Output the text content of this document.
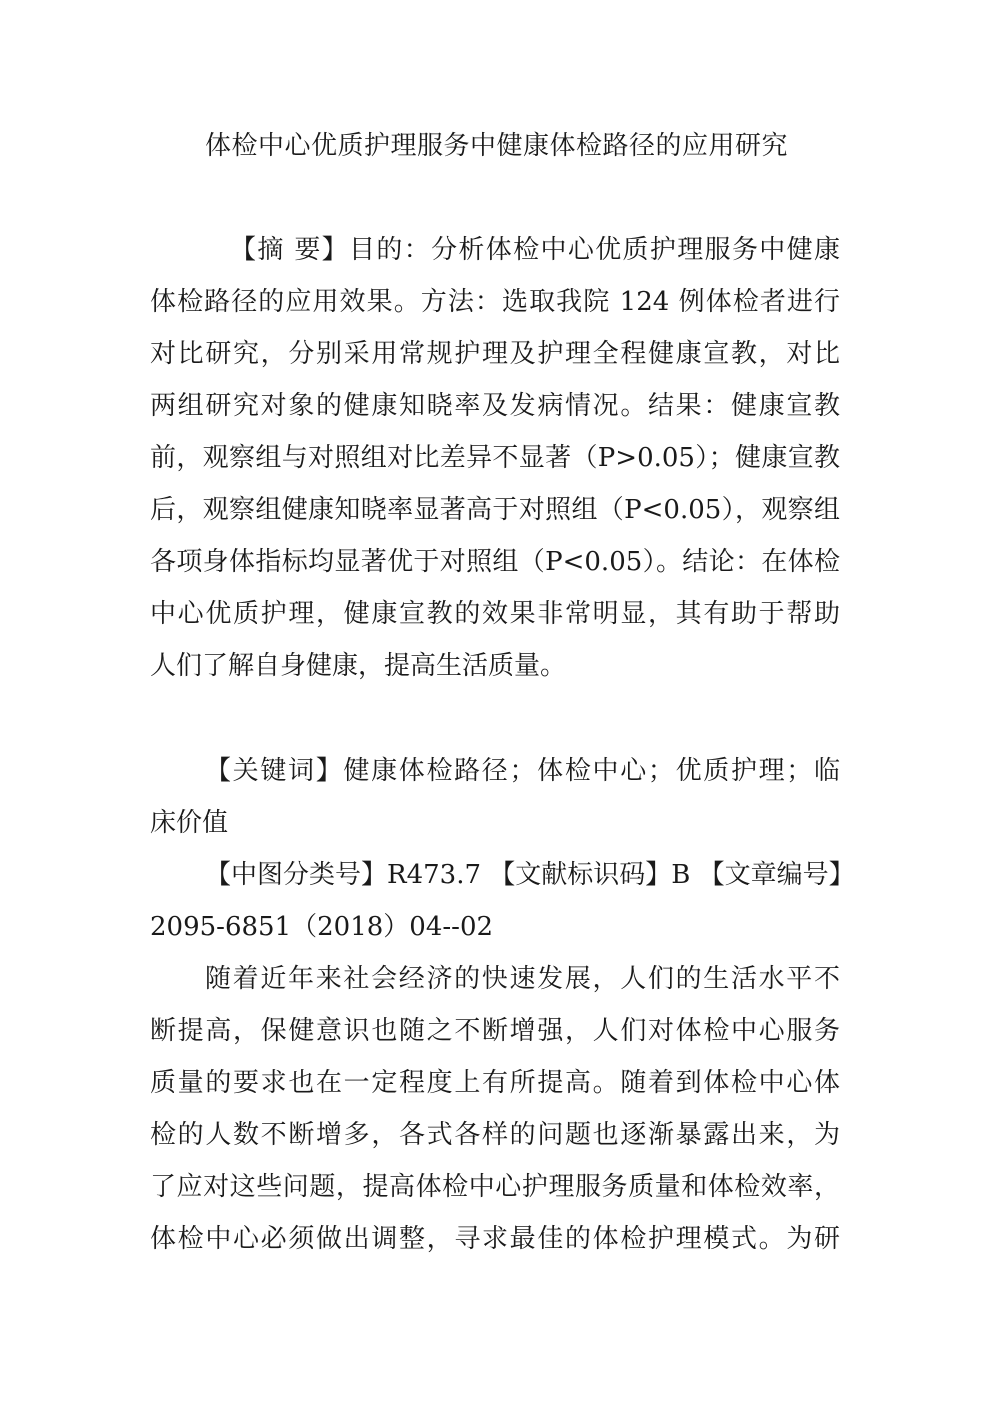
体检中心优质护理服务中健康体检路径的应用研究
【摘 要】目的：分析体检中心优质护理服务中健康
体检路径的应用效果。方法：选取我院 124 例体检者进行
对比研究，分别采用常规护理及护理全程健康宣教，对比
两组研究对象的健康知晓率及发病情况。结果：健康宣教
前，观察组与对照组对比差异不显著（P>0.05）；健康宣教
后，观察组健康知晓率显著高于对照组（P<0.05），观察组
各项身体指标均显著优于对照组（P<0.05）。结论：在体检
中心优质护理，健康宣教的效果非常明显，其有助于帮助
人们了解自身健康，提高生活质量。
【关键词】健康体检路径；体检中心；优质护理；临
床价值
【中图分类号】R473.7 【文献标识码】B 【文章编号】
2095-6851（2018）04--02
随着近年来社会经济的快速发展，人们的生活水平不
断提高，保健意识也随之不断增强，人们对体检中心服务
质量的要求也在一定程度上有所提高。随着到体检中心体
检的人数不断增多，各式各样的问题也逐渐暴露出来，为
了应对这些问题，提高体检中心护理服务质量和体检效率，
体检中心必须做出调整，寻求最佳的体检护理模式。为研
